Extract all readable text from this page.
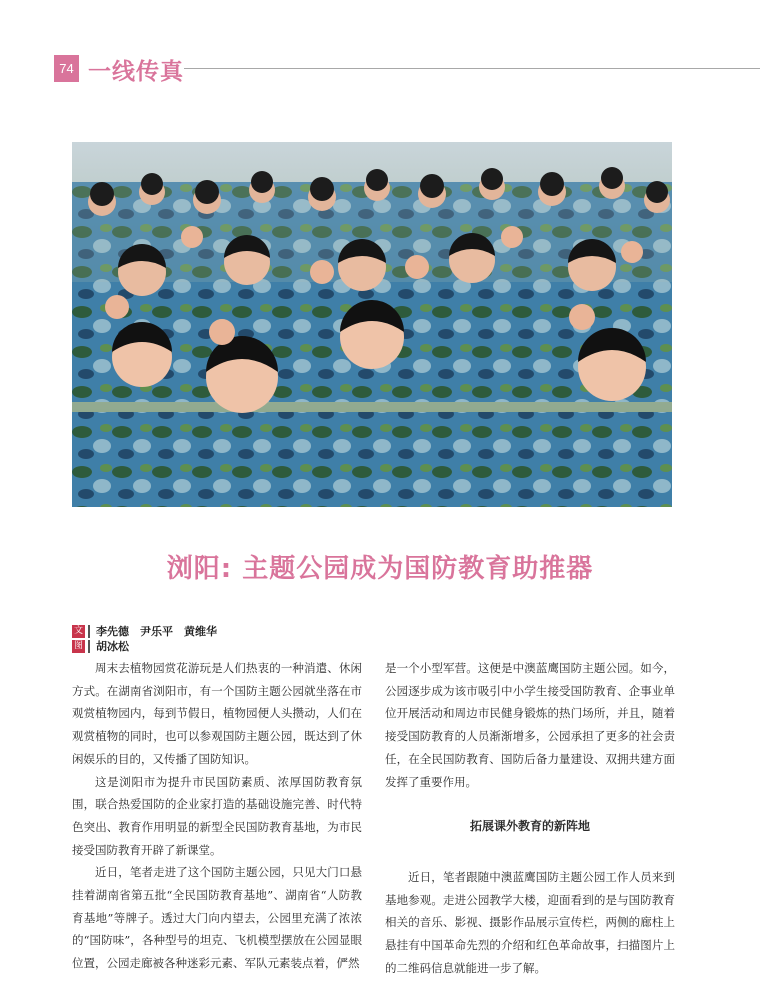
74 一线传真
浏阳: 主题公园成为国防教育助推器
文 李先德　尹乐平　黄维华
图 胡冰松

周末去植物园赏花游玩是人们热衷的一种消遣、休闲方式。在湖南省浏阳市，有一个国防主题公园就坐落在市观赏植物园内，每到节假日，植物园便人头攒动，人们在观赏植物的同时，也可以参观国防主题公园，既达到了休闲娱乐的目的，又传播了国防知识。

这是浏阳市为提升市民国防素质、浓厚国防教育氛围，联合热爱国防的企业家打造的基础设施完善、时代特色突出、教育作用明显的新型全民国防教育基地，为市民接受国防教育开辟了新课堂。

近日，笔者走进了这个国防主题公园，只见大门口悬挂着湖南省第五批“全民国防教育基地”、湖南省“人防教育基地”等牌子。透过大门向内望去，公园里充满了浓浓的“国防味”，各种型号的坦克、飞机模型摆放在公园显眼位置，公园走廊被各种迷彩元素、军队元素装点着，俨然

是一个小型军营。这便是中澳蓝鹰国防主题公园。如今，公园逐步成为该市吸引中小学生接受国防教育、企事业单位开展活动和周边市民健身锻炼的热门场所，并且，随着接受国防教育的人员渐渐增多，公园承担了更多的社会责任，在全民国防教育、国防后备力量建设、双拥共建方面发挥了重要作用。

拓展课外教育的新阵地

近日，笔者跟随中澳蓝鹰国防主题公园工作人员来到基地参观。走进公园教学大楼，迎面看到的是与国防教育相关的音乐、影视、摄影作品展示宣传栏，两侧的廊柱上悬挂有中国革命先烈的介绍和红色革命故事，扫描图片上的二维码信息就能进一步了解。
